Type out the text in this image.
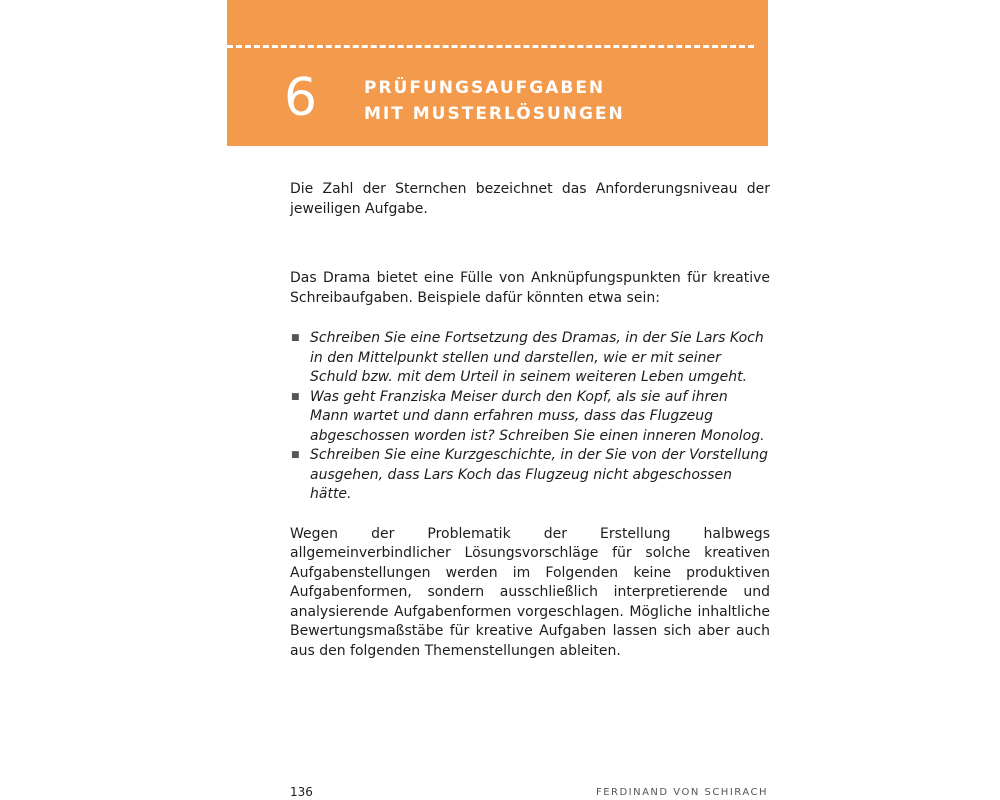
6	PRÜFUNGSAUFGABEN
MIT MUSTERLÖSUNGEN

Die Zahl der Sternchen bezeichnet das Anforderungsniveau der jeweiligen Aufgabe.

Das Drama bietet eine Fülle von Anknüpfungspunkten für kreative Schreibaufgaben. Beispiele dafür könnten etwa sein:

■ Schreiben Sie eine Fortsetzung des Dramas, in der Sie Lars Koch in den Mittelpunkt stellen und darstellen, wie er mit seiner Schuld bzw. mit dem Urteil in seinem weiteren Leben umgeht.
■ Was geht Franziska Meiser durch den Kopf, als sie auf ihren Mann wartet und dann erfahren muss, dass das Flugzeug abgeschossen worden ist? Schreiben Sie einen inneren Monolog.
■ Schreiben Sie eine Kurzgeschichte, in der Sie von der Vorstellung ausgehen, dass Lars Koch das Flugzeug nicht abgeschossen hätte.

Wegen der Problematik der Erstellung halbwegs allgemeinverbindlicher Lösungsvorschläge für solche kreativen Aufgabenstellungen werden im Folgenden keine produktiven Aufgabenformen, sondern ausschließlich interpretierende und analysierende Aufgabenformen vorgeschlagen. Mögliche inhaltliche Bewertungsmaßstäbe für kreative Aufgaben lassen sich aber auch aus den folgenden Themenstellungen ableiten.

136	FERDINAND VON SCHIRACH
